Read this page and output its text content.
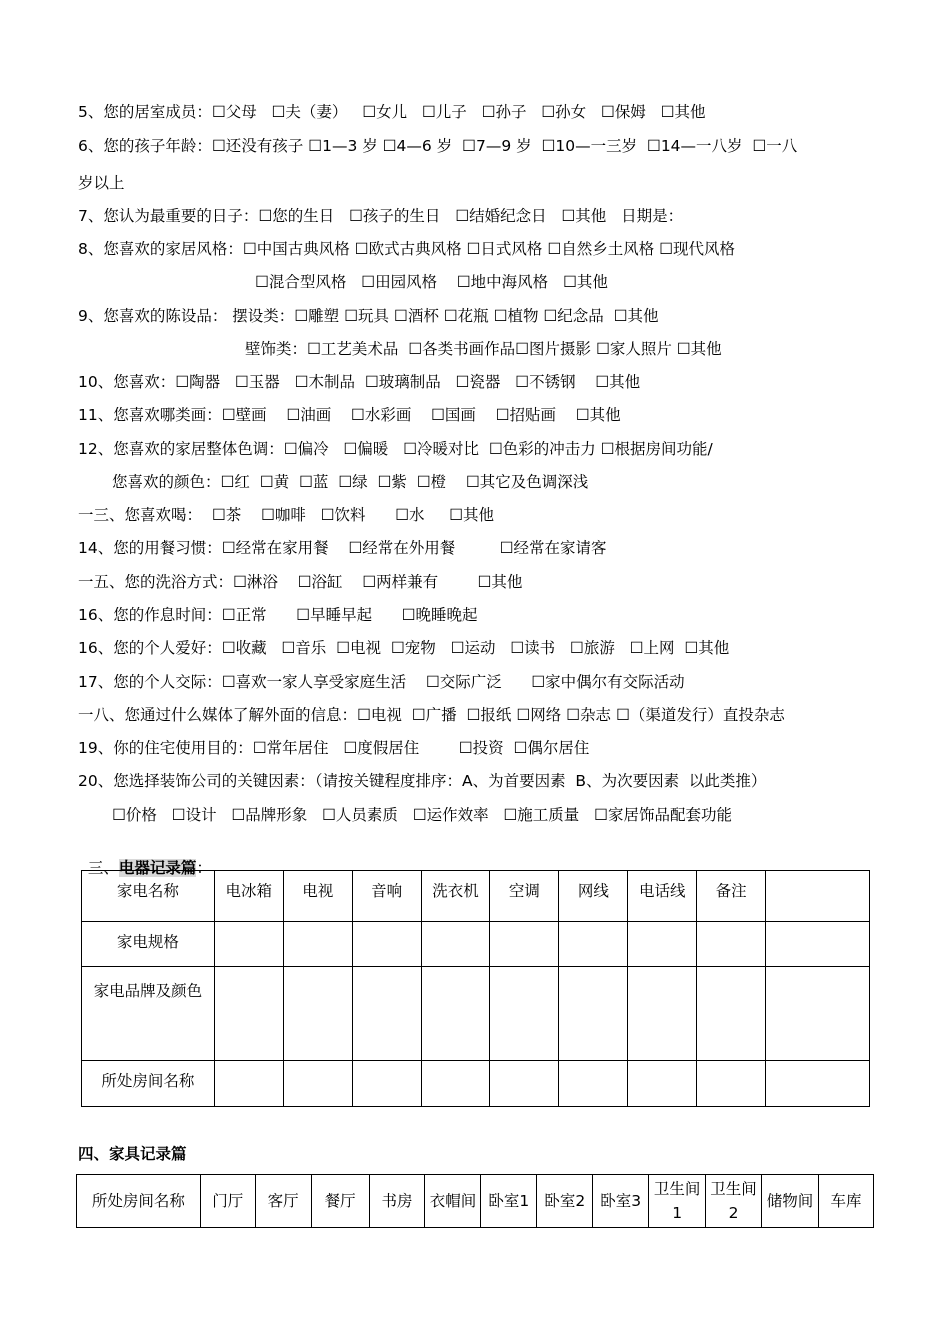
5、您的居室成员：☐父母   ☐夫（妻）   ☐女儿   ☐儿子   ☐孙子   ☐孙女   ☐保姆   ☐其他
6、您的孩子年龄：☐还没有孩子 ☐1—3 岁 ☐4—6 岁  ☐7—9 岁  ☐10—一三岁  ☐14—一八岁  ☐一八
岁以上
7、您认为最重要的日子：☐您的生日   ☐孩子的生日   ☐结婚纪念日   ☐其他   日期是：
8、您喜欢的家居风格：☐中国古典风格 ☐欧式古典风格 ☐日式风格 ☐自然乡土风格 ☐现代风格
☐混合型风格   ☐田园风格    ☐地中海风格   ☐其他
9、您喜欢的陈设品： 摆设类：☐雕塑 ☐玩具 ☐酒杯 ☐花瓶 ☐植物 ☐纪念品  ☐其他
壁饰类：☐工艺美术品  ☐各类书画作品☐图片摄影 ☐家人照片 ☐其他
10、您喜欢：☐陶器   ☐玉器   ☐木制品  ☐玻璃制品   ☐瓷器   ☐不锈钢    ☐其他
11、您喜欢哪类画：☐壁画    ☐油画    ☐水彩画    ☐国画    ☐招贴画    ☐其他
12、您喜欢的家居整体色调：☐偏冷   ☐偏暖   ☐冷暖对比  ☐色彩的冲击力 ☐根据房间功能/
您喜欢的颜色：☐红  ☐黄  ☐蓝  ☐绿  ☐紫  ☐橙    ☐其它及色调深浅
一三、您喜欢喝：  ☐茶    ☐咖啡   ☐饮料      ☐水     ☐其他
14、您的用餐习惯：☐经常在家用餐    ☐经常在外用餐         ☐经常在家请客
一五、您的洗浴方式：☐淋浴    ☐浴缸    ☐两样兼有        ☐其他
16、您的作息时间：☐正常      ☐早睡早起      ☐晚睡晚起
16、您的个人爱好：☐收藏   ☐音乐  ☐电视  ☐宠物   ☐运动   ☐读书   ☐旅游   ☐上网  ☐其他
17、您的个人交际：☐喜欢一家人享受家庭生活    ☐交际广泛      ☐家中偶尔有交际活动
一八、您通过什么媒体了解外面的信息：☐电视  ☐广播  ☐报纸 ☐网络 ☐杂志 ☐（渠道发行）直投杂志
19、你的住宅使用目的：☐常年居住   ☐度假居住        ☐投资  ☐偶尔居住
20、您选择装饰公司的关键因素：（请按关键程度排序：A、为首要因素  B、为次要因素  以此类推）
☐价格   ☐设计   ☐品牌形象   ☐人员素质   ☐运作效率   ☐施工质量   ☐家居饰品配套功能

三、电器记录篇：

家电名称	电冰箱	电视	音响	洗衣机	空调	网线	电话线	备注	
家电规格									
家电品牌及颜色									
所处房间名称									
四、家具记录篇
所处房间名称	门厅	客厅	餐厅	书房	衣帽间	卧室1	卧室2	卧室3	卫生间1	卫生间2	储物间	车库
